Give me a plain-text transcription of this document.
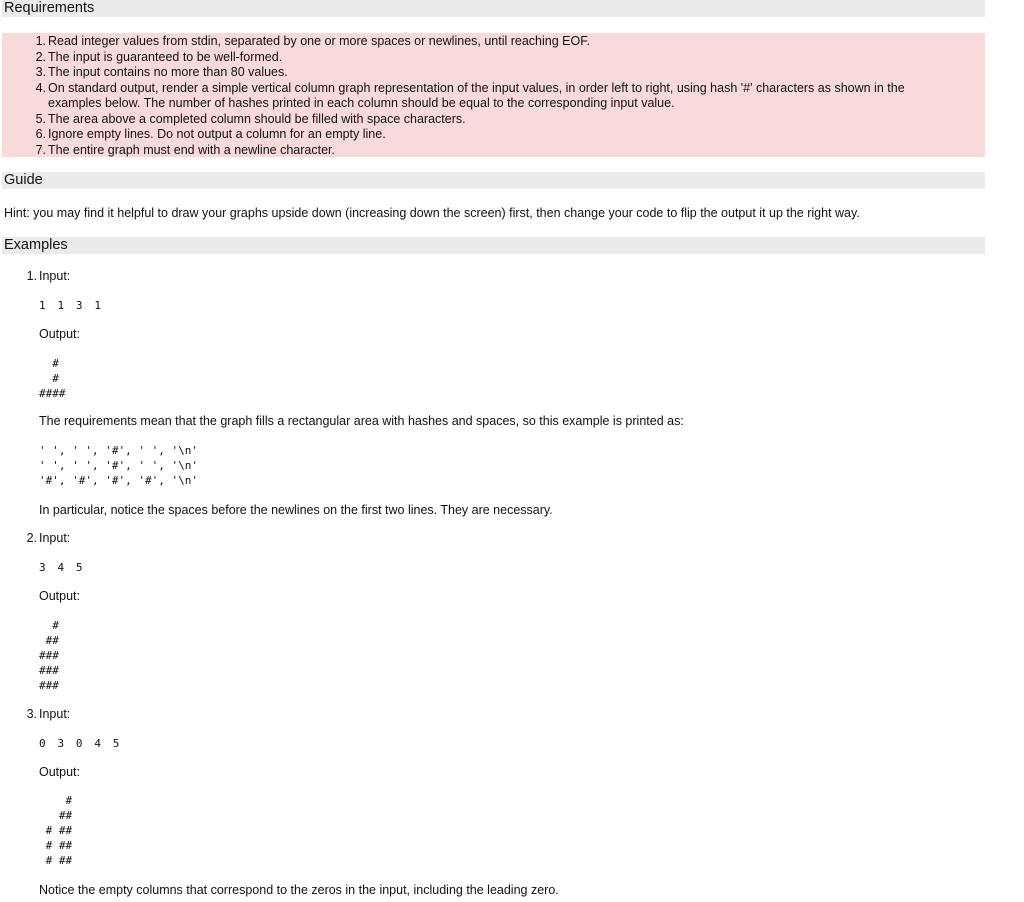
Requirements
1. Read integer values from stdin, separated by one or more spaces or newlines, until reaching EOF.
2. The input is guaranteed to be well-formed.
3. The input contains no more than 80 values.
4. On standard output, render a simple vertical column graph representation of the input values, in order left to right, using hash '#' characters as shown in the
examples below. The number of hashes printed in each column should be equal to the corresponding input value.
5. The area above a completed column should be filled with space characters.
6. Ignore empty lines. Do not output a column for an empty line.
7. The entire graph must end with a newline character.
Guide
Hint: you may find it helpful to draw your graphs upside down (increasing down the screen) first, then change your code to flip the output it up the right way.
Examples
1. Input:
1 1 3 1
Output:
#
#
####
The requirements mean that the graph fills a rectangular area with hashes and spaces, so this example is printed as:
' ', ' ', '#', ' ', '\n'
' ', ' ', '#', ' ', '\n'
'#', '#', '#', '#', '\n'
In particular, notice the spaces before the newlines on the first two lines. They are necessary.
2. Input:
3 4 5
Output:
#
##
###
###
###
3. Input:
0 3 0 4 5
Output:
#
##
# ##
# ##
# ##
Notice the empty columns that correspond to the zeros in the input, including the leading zero.
